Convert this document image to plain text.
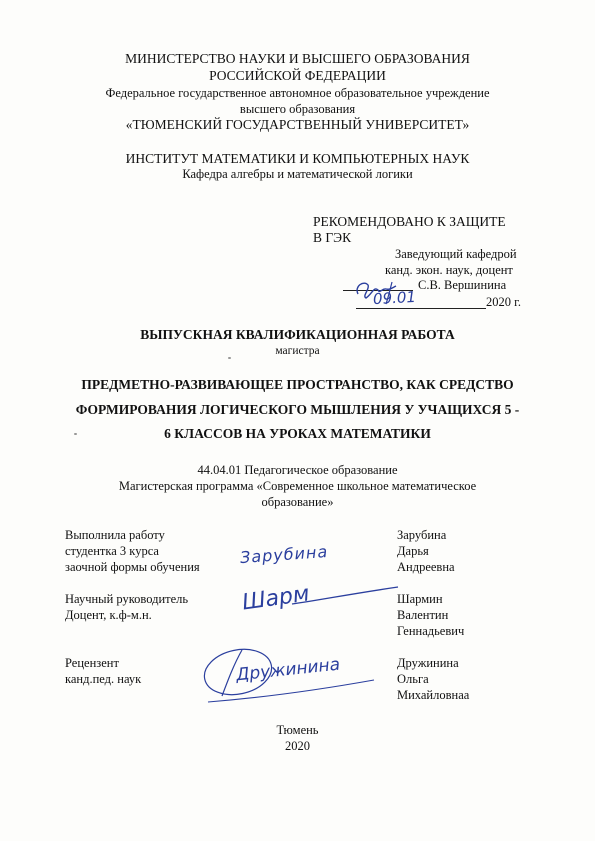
МИНИСТЕРСТВО НАУКИ И ВЫСШЕГО ОБРАЗОВАНИЯ
РОССИЙСКОЙ ФЕДЕРАЦИИ
Федеральное государственное автономное образовательное учреждение
высшего образования
«ТЮМЕНСКИЙ ГОСУДАРСТВЕННЫЙ УНИВЕРСИТЕТ»
ИНСТИТУТ МАТЕМАТИКИ И КОМПЬЮТЕРНЫХ НАУК
Кафедра алгебры и математической логики
РЕКОМЕНДОВАНО К ЗАЩИТЕ
В ГЭК
Заведующий кафедрой
канд. экон. наук, доцент
С.В. Вершинина
2020 г.
09.01
ВЫПУСКНАЯ КВАЛИФИКАЦИОННАЯ РАБОТА
магистра
ПРЕДМЕТНО-РАЗВИВАЮЩЕЕ ПРОСТРАНСТВО, КАК СРЕДСТВО
ФОРМИРОВАНИЯ ЛОГИЧЕСКОГО МЫШЛЕНИЯ У УЧАЩИХСЯ 5 -
6 КЛАССОВ НА УРОКАХ МАТЕМАТИКИ
44.04.01 Педагогическое образование
Магистерская программа «Современное школьное математическое
образование»
Выполнила работу
студентка 3 курса
заочной формы обучения
Зарубина
Дарья
Андреевна
Зарубина
Научный руководитель
Доцент, к.ф-м.н.
Шармин
Валентин
Геннадьевич
Шарм
Рецензент
канд.пед. наук
Дружинина
Ольга
Михайловнаа
Дружинина
Тюмень
2020
